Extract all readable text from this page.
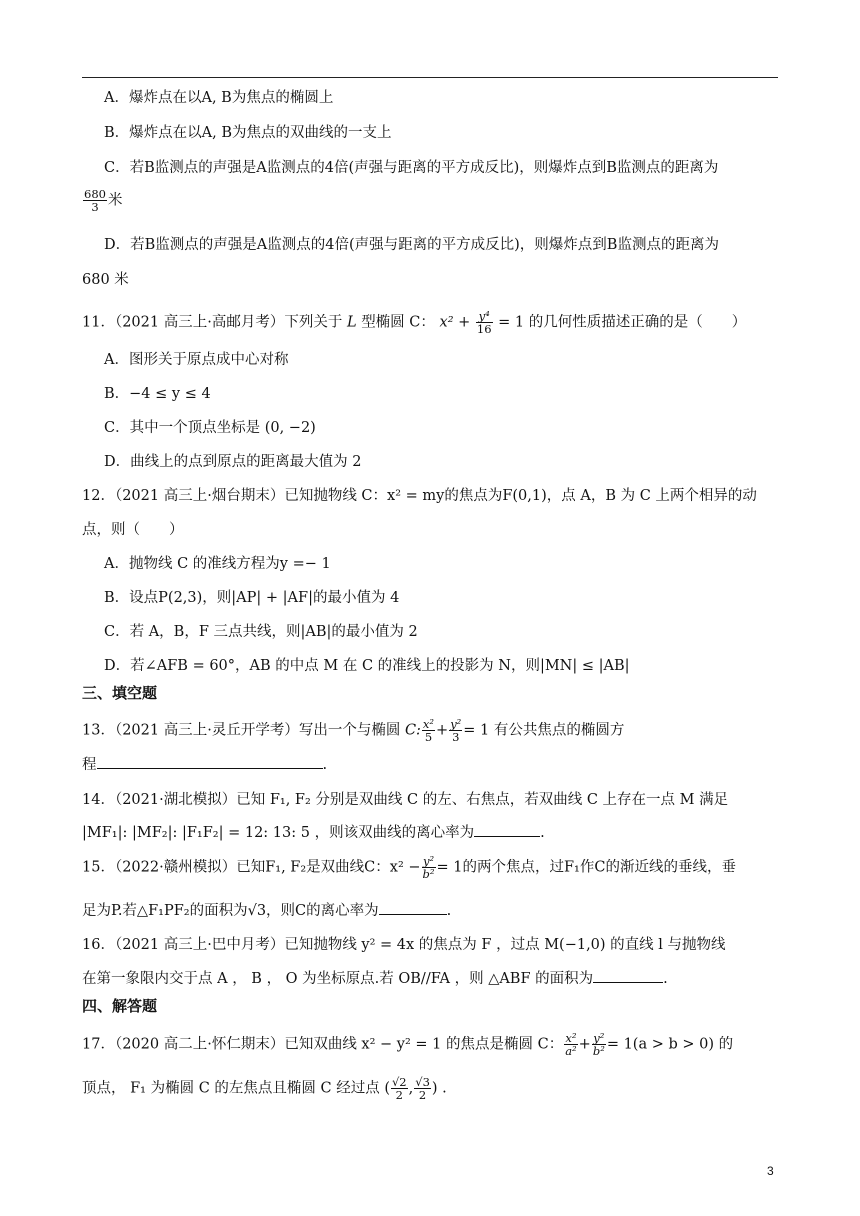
A．爆炸点在以A, B为焦点的椭圆上
B．爆炸点在以A, B为焦点的双曲线的一支上
C．若B监测点的声强是A监测点的4倍(声强与距离的平方成反比)，则爆炸点到B监测点的距离为
$\frac{680}{3}$ 米
D．若B监测点的声强是A监测点的4倍(声强与距离的平方成反比)，则爆炸点到B监测点的距离为
680 米
11．（2021 高三上·高邮月考）下列关于 L 型椭圆 C： $x^2 + \frac{\text{y⁴}}{16} = 1$ 的几何性质描述正确的是（　　）
A．图形关于原点成中心对称
B．−4 ≤ y ≤ 4
C．其中一个顶点坐标是 (0, −2)
D．曲线上的点到原点的距离最大值为 2
12．（2021 高三上·烟台期末）已知抛物线 C：x² = my的焦点为F(0,1)，点 A，B 为 C 上两个相异的动
点，则（　　）
A．抛物线 C 的准线方程为y =− 1
B．设点P(2,3)，则|AP| + |AF|的最小值为 4
C．若 A，B，F 三点共线，则|AB|的最小值为 2
D．若∠AFB = 60°，AB 的中点 M 在 C 的准线上的投影为 N，则|MN| ≤ |AB|
三、填空题
13．（2021 高三上·灵丘开学考）写出一个与椭圆 C: $\frac{\text{x²}}{5} + \frac{\text{y²}}{3} = 1$ 有公共焦点的椭圆方
程	.
14．（2021·湖北模拟）已知 F₁, F₂ 分别是双曲线 C 的左、右焦点，若双曲线 C 上存在一点 M 满足
|MF₁|: |MF₂|: |F₁F₂| = 12: 13: 5 ，则该双曲线的离心率为	.
15．（2022·赣州模拟）已知F₁, F₂是双曲线C：$x^2 - \frac{\text{y²}}{\text{b²}} = 1$的两个焦点，过F₁作C的渐近线的垂线，垂
足为P.若△F₁PF₂的面积为√3，则C的离心率为	.
16．（2021 高三上·巴中月考）已知抛物线 y² = 4x 的焦点为 F ，过点 M(−1,0) 的直线 l 与抛物线
在第一象限内交于点 A ， B ， O 为坐标原点.若 OB//FA ，则 △ABF 的面积为	.
四、解答题
17．（2020 高二上·怀仁期末）已知双曲线 x² − y² = 1 的焦点是椭圆 C： $\frac{\text{x²}}{\text{a²}} + \frac{\text{y²}}{\text{b²}} = 1(a > b > 0)$ 的
顶点， F₁ 为椭圆 C 的左焦点且椭圆 C 经过点 ( $\frac{√2}{2}$ , $\frac{√3}{2}$ ) .
3
